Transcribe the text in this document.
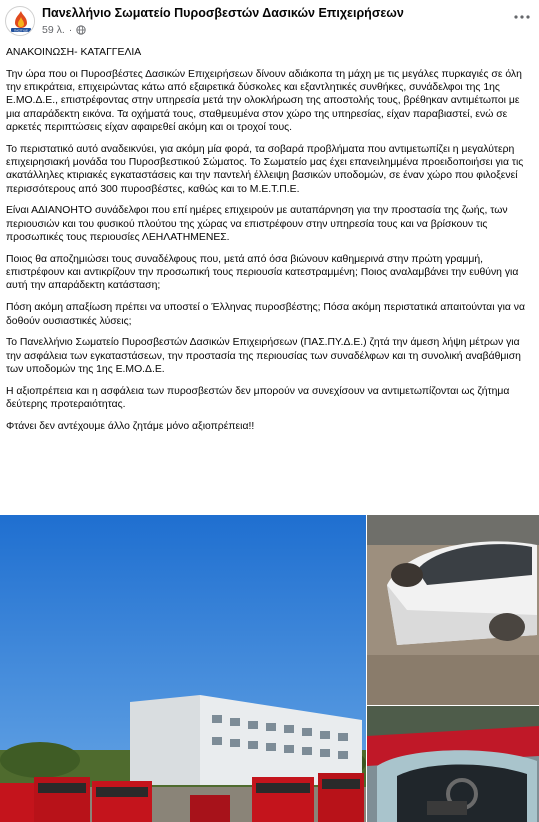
ΠΑΣΠΥΔΕ
Πανελλήνιο Σωματείο Πυροσβεστών Δασικών Επιχειρήσεων
59 λ. ·

ΑΝΑΚΟΙΝΩΣΗ- ΚΑΤΑΓΓΕΛΙΑ

Την ώρα που οι Πυροσβέστες Δασικών Επιχειρήσεων δίνουν αδιάκοπα τη μάχη με τις μεγάλες πυρκαγιές σε όλη την επικράτεια, επιχειρώντας κάτω από εξαιρετικά δύσκολες και εξαντλητικές συνθήκες, συνάδελφοι της 1ης Ε.ΜΟ.Δ.Ε., επιστρέφοντας στην υπηρεσία μετά την ολοκλήρωση της αποστολής τους, βρέθηκαν αντιμέτωποι με μια απαράδεκτη εικόνα. Τα οχήματά τους, σταθμευμένα στον χώρο της υπηρεσίας, είχαν παραβιαστεί, ενώ σε αρκετές περιπτώσεις είχαν αφαιρεθεί ακόμη και οι τροχοί τους.

Το περιστατικό αυτό αναδεικνύει, για ακόμη μία φορά, τα σοβαρά προβλήματα που αντιμετωπίζει η μεγαλύτερη επιχειρησιακή μονάδα του Πυροσβεστικού Σώματος. Το Σωματείο μας έχει επανειλημμένα προειδοποιήσει για τις ακατάλληλες κτιριακές εγκαταστάσεις και την παντελή έλλειψη βασικών υποδομών, σε έναν χώρο που φιλοξενεί περισσότερους από 300 πυροσβέστες, καθώς και το Μ.Ε.Τ.Π.Ε.

Είναι ΑΔΙΑΝΟΗΤΟ συνάδελφοι που επί ημέρες επιχειρούν με αυταπάρνηση για την προστασία της ζωής, των περιουσιών και του φυσικού πλούτου της χώρας να επιστρέφουν στην υπηρεσία τους και να βρίσκουν τις προσωπικές τους περιουσίες ΛΕΗΛΑΤΗΜΕΝΕΣ.

Ποιος θα αποζημιώσει τους συναδέλφους που, μετά από όσα βιώνουν καθημερινά στην πρώτη γραμμή, επιστρέφουν και αντικρίζουν την προσωπική τους περιουσία κατεστραμμένη; Ποιος αναλαμβάνει την ευθύνη για αυτή την απαράδεκτη κατάσταση;

Πόση ακόμη απαξίωση πρέπει να υποστεί ο Έλληνας πυροσβέστης; Πόσα ακόμη περιστατικά απαιτούνται για να δοθούν ουσιαστικές λύσεις;

Το Πανελλήνιο Σωματείο Πυροσβεστών Δασικών Επιχειρήσεων (ΠΑΣ.ΠΥ.Δ.Ε.) ζητά την άμεση λήψη μέτρων για την ασφάλεια των εγκαταστάσεων, την προστασία της περιουσίας των συναδέλφων και τη συνολική αναβάθμιση των υποδομών της 1ης Ε.ΜΟ.Δ.Ε.

Η αξιοπρέπεια και η ασφάλεια των πυροσβεστών δεν μπορούν να συνεχίσουν να αντιμετωπίζονται ως ζήτημα δεύτερης προτεραιότητας.

Φτάνει δεν αντέχουμε άλλο ζητάμε μόνο αξιοπρέπεια!!
